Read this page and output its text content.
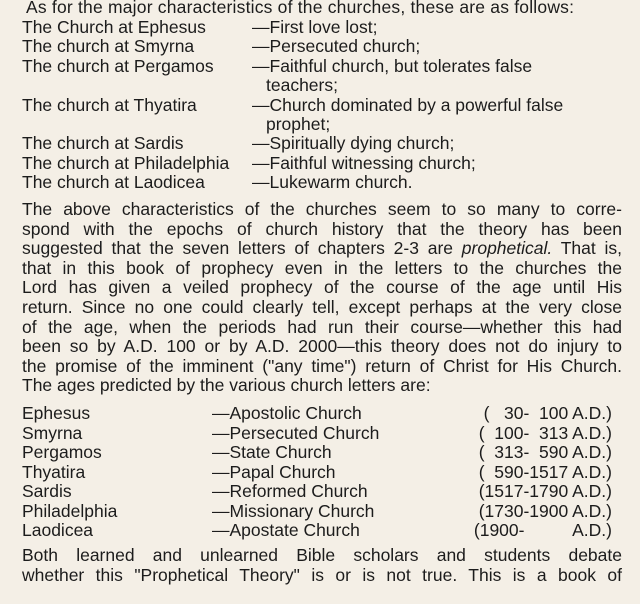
As for the major characteristics of the churches, these are as follows:
The Church at Ephesus	—First love lost;
The church at Smyrna	—Persecuted church;
The church at Pergamos	—Faithful church, but tolerates false
teachers;
The church at Thyatira	—Church dominated by a powerful false
prophet;
The church at Sardis	—Spiritually dying church;
The church at Philadelphia	—Faithful witnessing church;
The church at Laodicea	—Lukewarm church.
The above characteristics of the churches seem to so many to corre-
spond with the epochs of church history that the theory has been
suggested that the seven letters of chapters 2-3 are prophetical. That is,
that in this book of prophecy even in the letters to the churches the
Lord has given a veiled prophecy of the course of the age until His
return. Since no one could clearly tell, except perhaps at the very close
of the age, when the periods had run their course—whether this had
been so by A.D. 100 or by A.D. 2000—this theory does not do injury to
the promise of the imminent ("any time") return of Christ for His Church.
The ages predicted by the various church letters are:
Ephesus	—Apostolic Church	(   30-  100 A.D.)
Smyrna	—Persecuted Church	(  100-  313 A.D.)
Pergamos	—State Church	(  313-  590 A.D.)
Thyatira	—Papal Church	(  590-1517 A.D.)
Sardis	—Reformed Church	(1517-1790 A.D.)
Philadelphia	—Missionary Church	(1730-1900 A.D.)
Laodicea	—Apostate Church	(1900-          A.D.)
Both learned and unlearned Bible scholars and students debate
whether this "Prophetical Theory" is or is not true. This is a book of
